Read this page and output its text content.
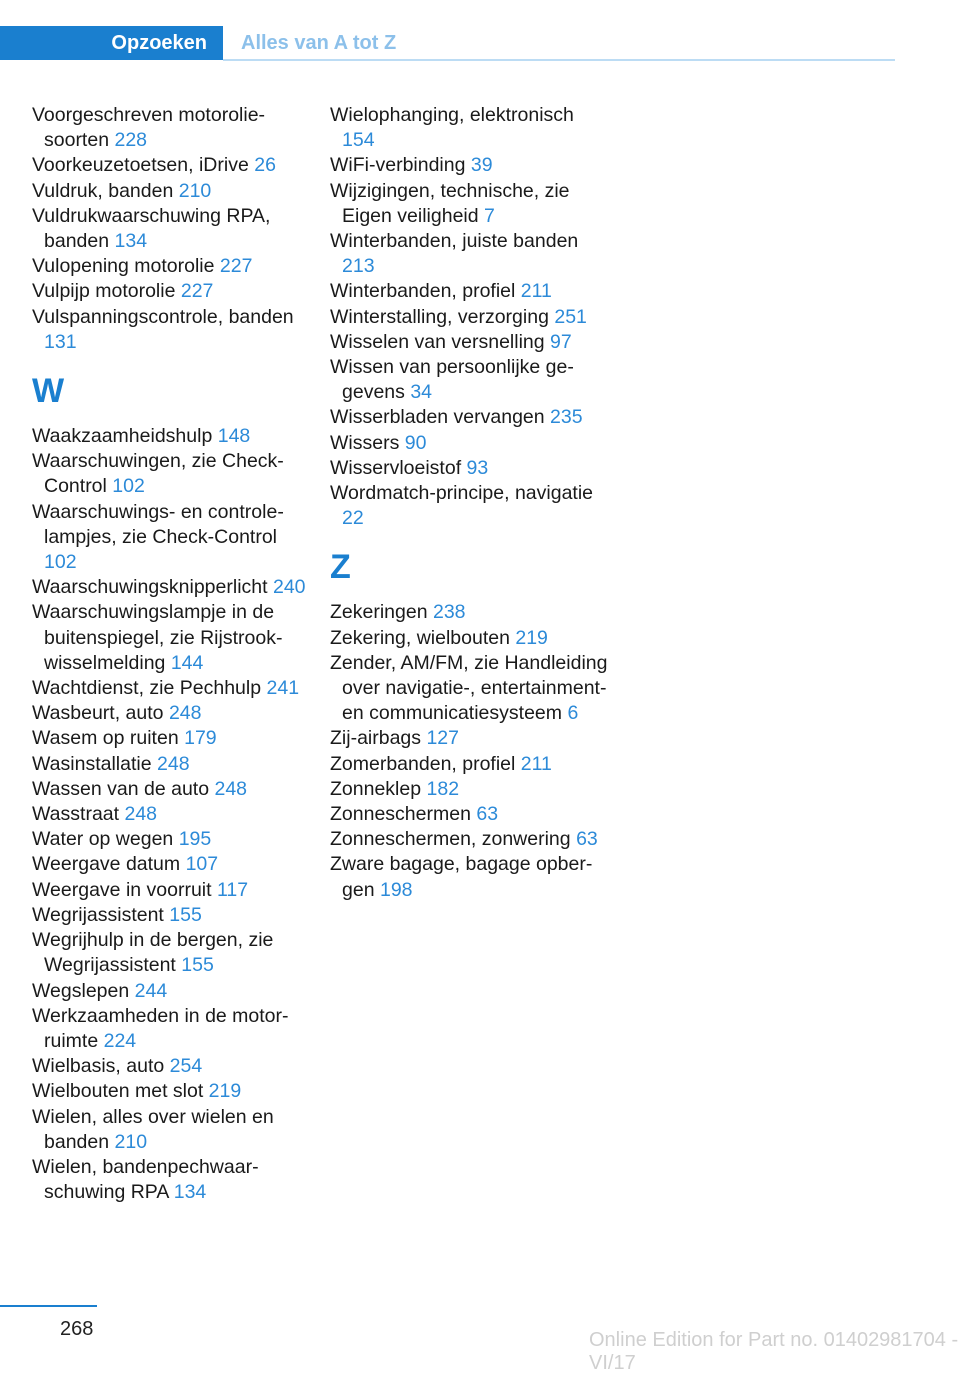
Opzoeken	Alles van A tot Z
Voorgeschreven motoroliesoorten 228
Voorkeuzetoetsen, iDrive 26
Vuldruk, banden 210
Vuldrukwaarschuwing RPA, banden 134
Vulopening motorolie 227
Vulpijp motorolie 227
Vulspanningscontrole, banden 131
W
Waakzaamheidshulp 148
Waarschuwingen, zie Check-Control 102
Waarschuwings- en controlelampjes, zie Check-Control 102
Waarschuwingsknipperlicht 240
Waarschuwingslampje in de buitenspiegel, zie Rijstrookwisselmelding 144
Wachtdienst, zie Pechhulp 241
Wasbeurt, auto 248
Wasem op ruiten 179
Wasinstallatie 248
Wassen van de auto 248
Wasstraat 248
Water op wegen 195
Weergave datum 107
Weergave in voorruit 117
Wegrijassistent 155
Wegrijhulp in de bergen, zie Wegrijassistent 155
Wegslepen 244
Werkzaamheden in de motorruimte 224
Wielbasis, auto 254
Wielbouten met slot 219
Wielen, alles over wielen en banden 210
Wielen, bandenpechwaarschuwing RPA 134
Wielophanging, elektronisch 154
WiFi-verbinding 39
Wijzigingen, technische, zie Eigen veiligheid 7
Winterbanden, juiste banden 213
Winterbanden, profiel 211
Winterstalling, verzorging 251
Wisselen van versnelling 97
Wissen van persoonlijke gegevens 34
Wisserbladen vervangen 235
Wissers 90
Wisservloeistof 93
Wordmatch-principe, navigatie 22
Z
Zekeringen 238
Zekering, wielbouten 219
Zender, AM/FM, zie Handleiding over navigatie-, entertainment- en communicatiesysteem 6
Zij-airbags 127
Zomerbanden, profiel 211
Zonneklep 182
Zonneschermen 63
Zonneschermen, zonwering 63
Zware bagage, bagage opbergen 198
268	Online Edition for Part no. 01402981704 - VI/17
